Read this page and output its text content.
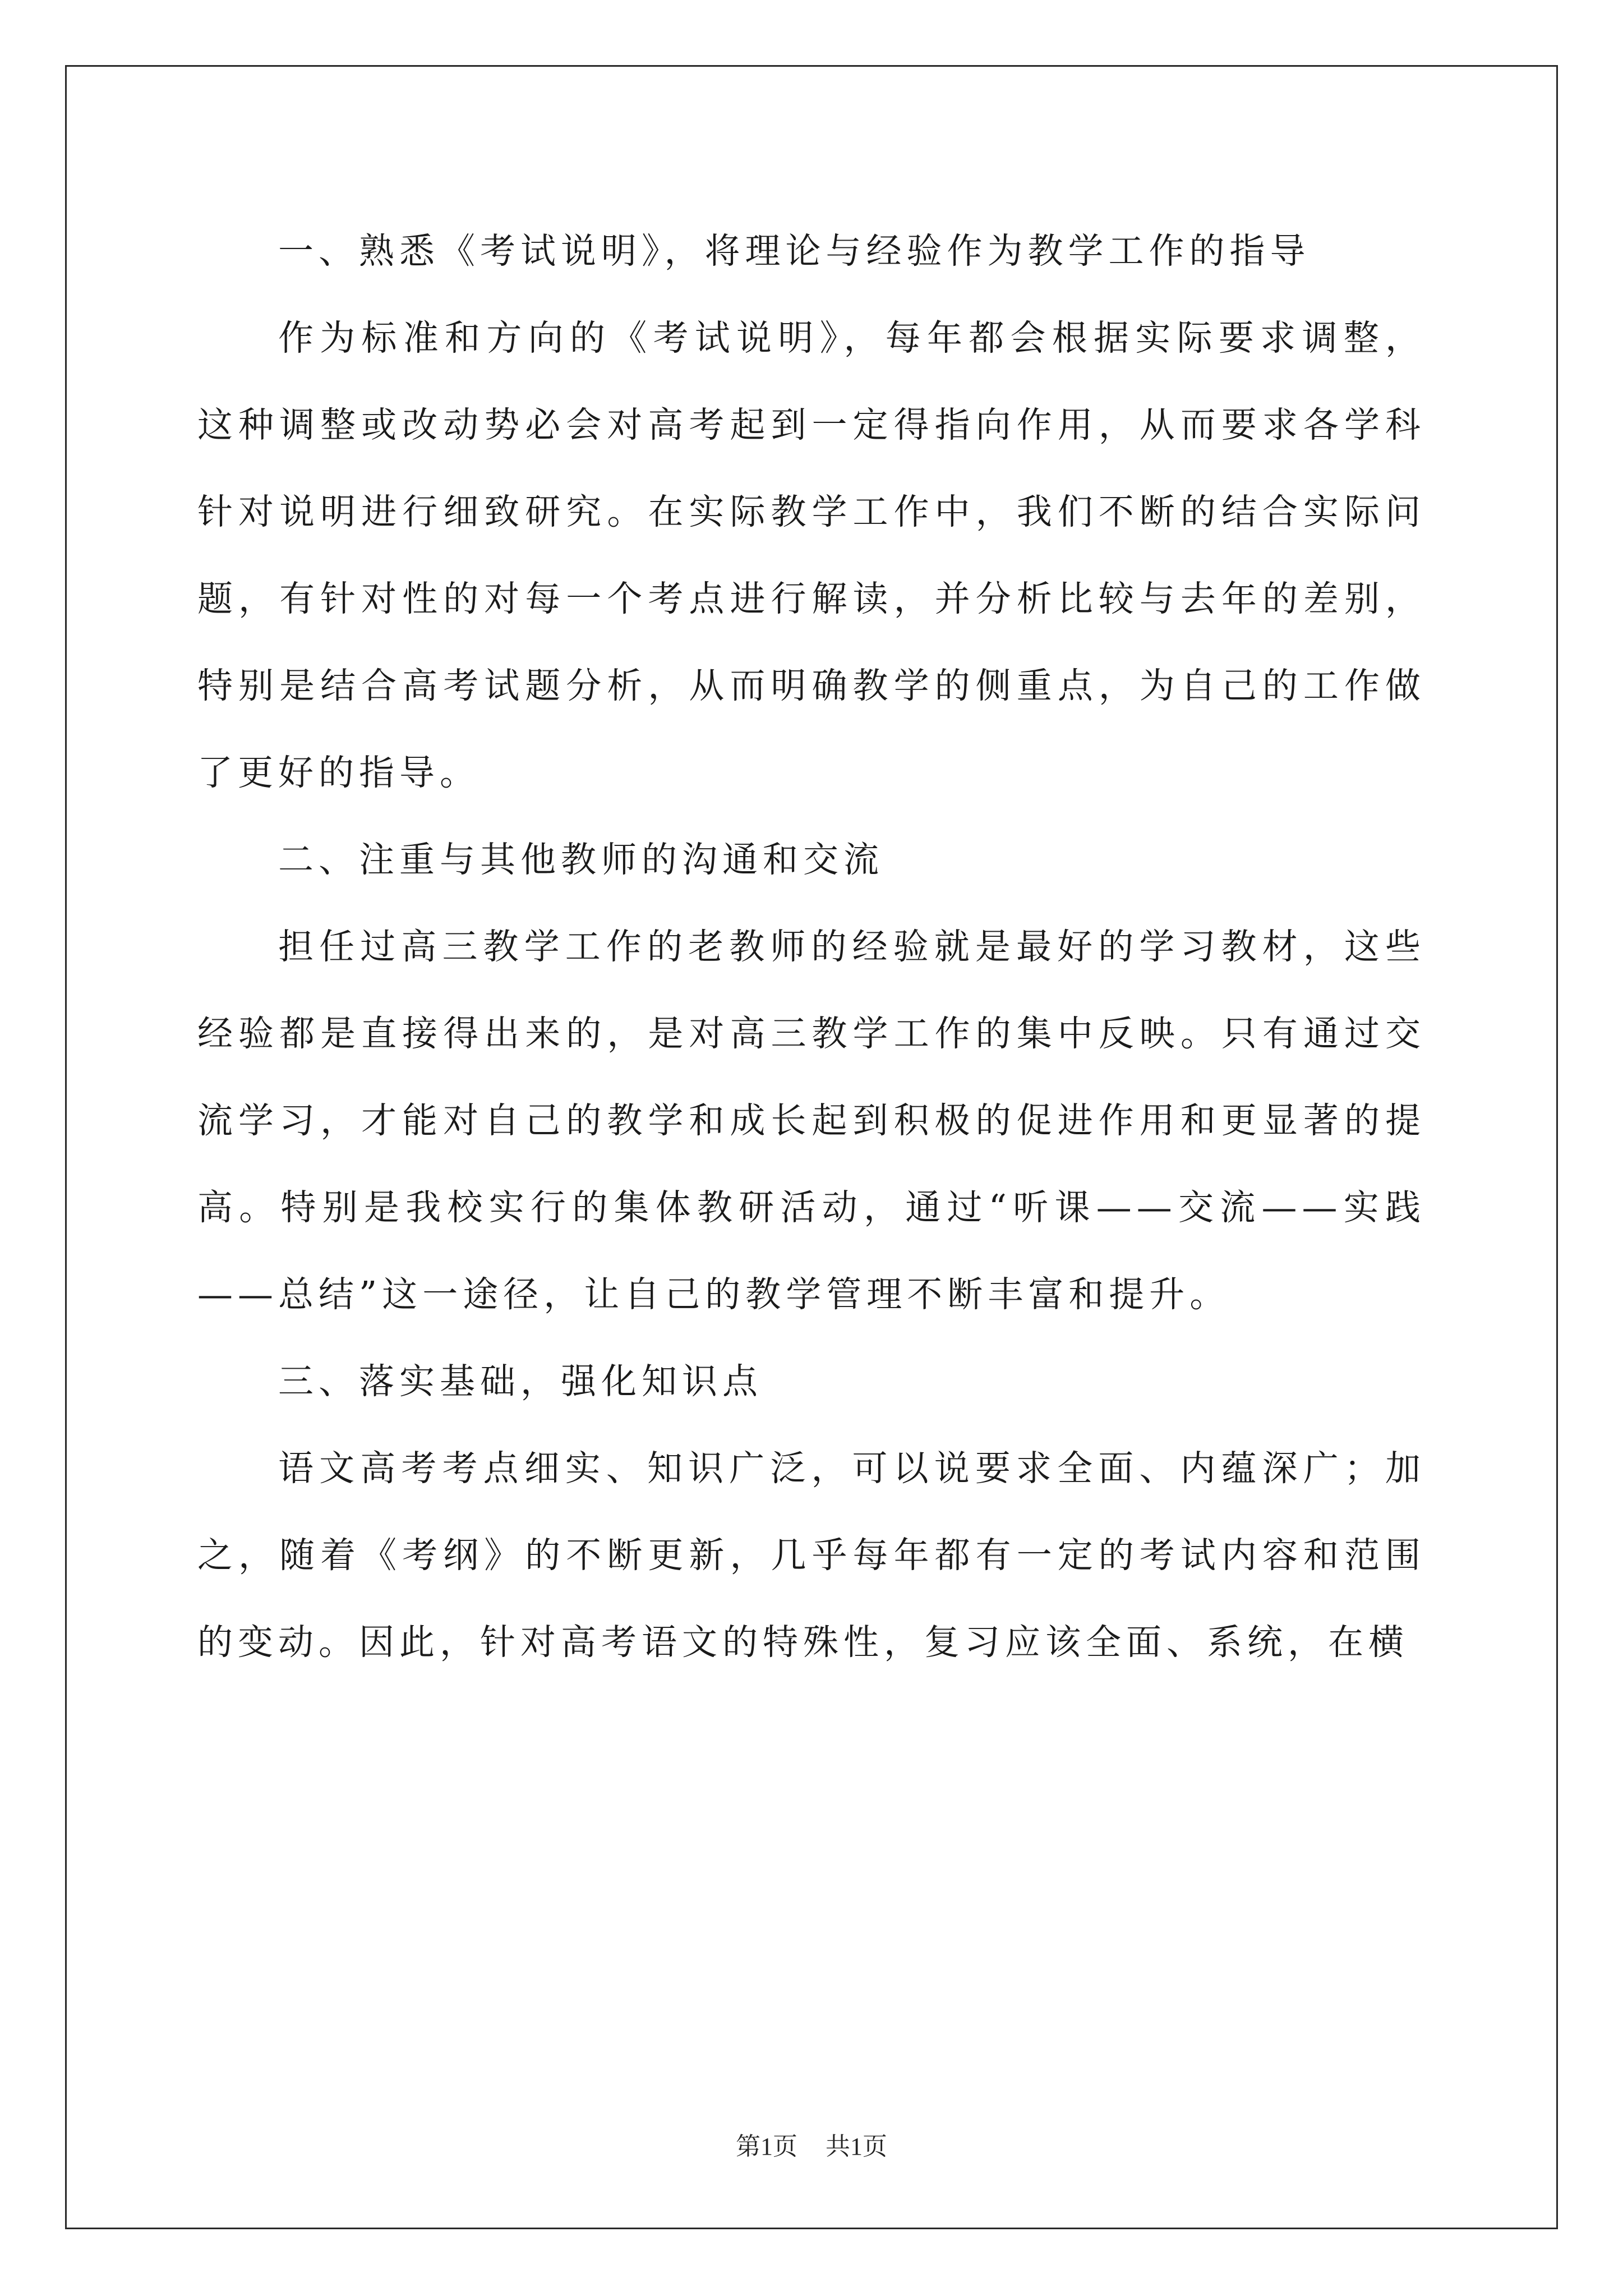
一、熟悉《考试说明》，将理论与经验作为教学工作的指导

作为标准和方向的《考试说明》，每年都会根据实际要求调整，这种调整或改动势必会对高考起到一定得指向作用，从而要求各学科针对说明进行细致研究。在实际教学工作中，我们不断的结合实际问题，有针对性的对每一个考点进行解读，并分析比较与去年的差别，特别是结合高考试题分析，从而明确教学的侧重点，为自己的工作做了更好的指导。

二、注重与其他教师的沟通和交流

担任过高三教学工作的老教师的经验就是最好的学习教材，这些经验都是直接得出来的，是对高三教学工作的集中反映。只有通过交流学习，才能对自己的教学和成长起到积极的促进作用和更显著的提高。特别是我校实行的集体教研活动，通过“听课——交流——实践——总结”这一途径，让自己的教学管理不断丰富和提升。

三、落实基础，强化知识点

语文高考考点细实、知识广泛，可以说要求全面、内蕴深广；加之，随着《考纲》的不断更新，几乎每年都有一定的考试内容和范围的变动。因此，针对高考语文的特殊性，复习应该全面、系统，在横

第1页 共1页
